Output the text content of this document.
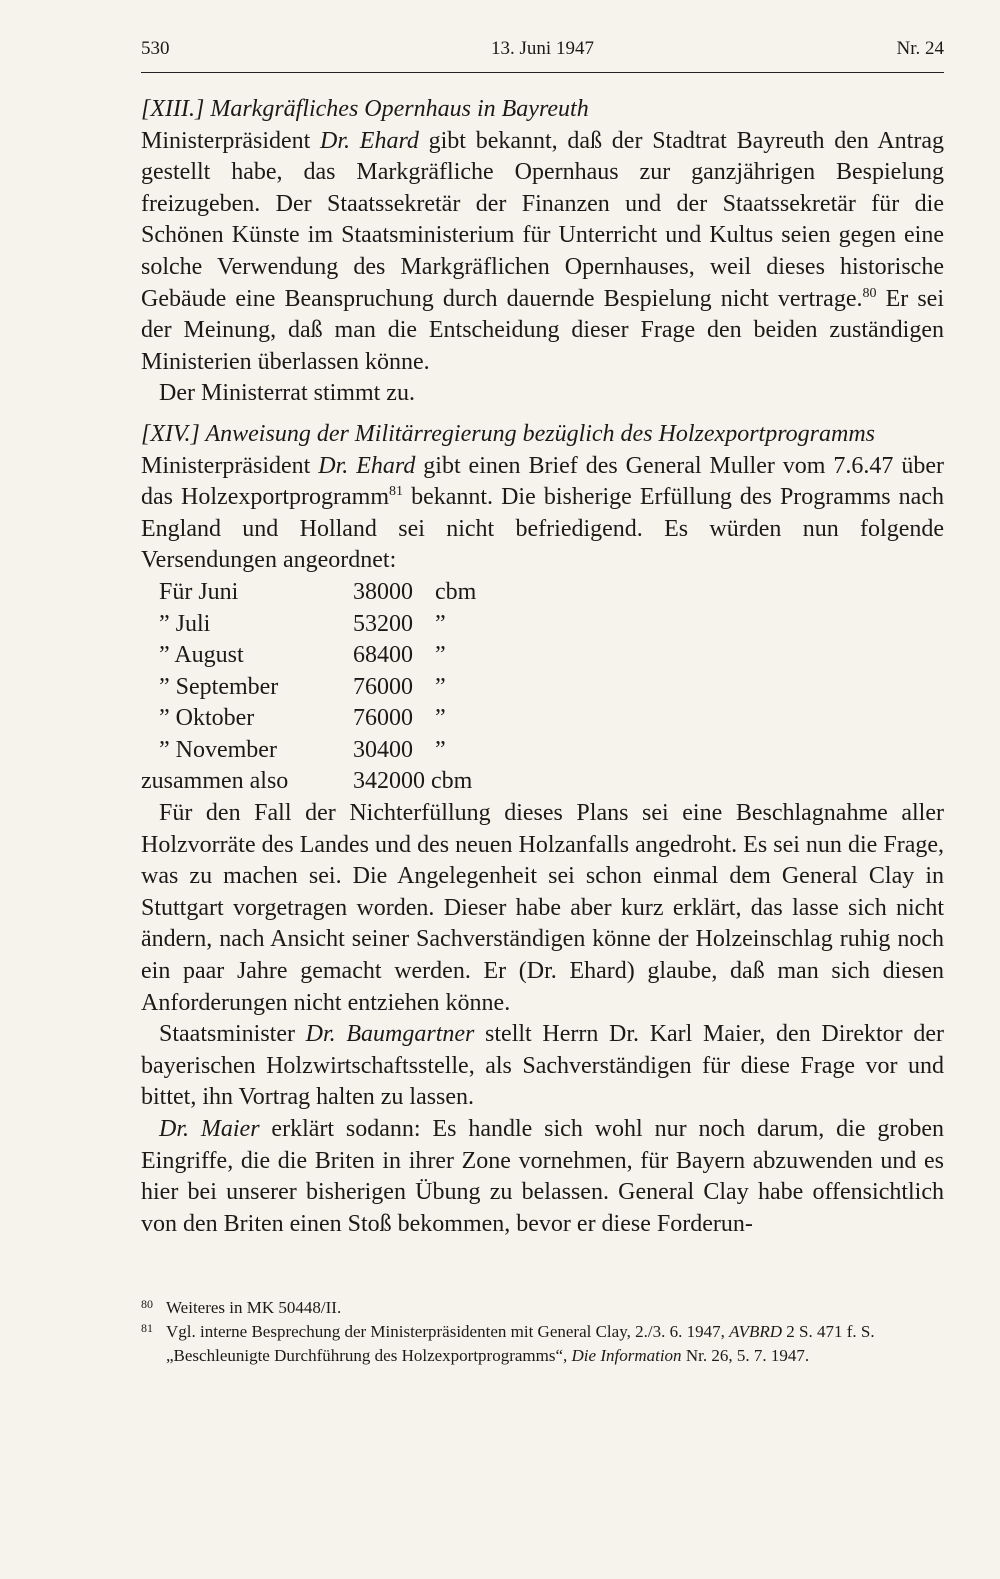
530	13. Juni 1947	Nr. 24

[XIII.] Markgräfliches Opernhaus in Bayreuth

Ministerpräsident Dr. Ehard gibt bekannt, daß der Stadtrat Bayreuth den Antrag gestellt habe, das Markgräfliche Opernhaus zur ganzjährigen Bespielung freizugeben. Der Staatssekretär der Finanzen und der Staatssekretär für die Schönen Künste im Staatsministerium für Unterricht und Kultus seien gegen eine solche Verwendung des Markgräflichen Opernhauses, weil dieses historische Gebäude eine Beanspruchung durch dauernde Bespielung nicht vertrage.$^{80}$ Er sei der Meinung, daß man die Entscheidung dieser Frage den beiden zuständigen Ministerien überlassen könne.

Der Ministerrat stimmt zu.

[XIV.] Anweisung der Militärregierung bezüglich des Holzexportprogramms

Ministerpräsident Dr. Ehard gibt einen Brief des General Muller vom 7.6.47 über das Holzexportprogramm$^{81}$ bekannt. Die bisherige Erfüllung des Programms nach England und Holland sei nicht befriedigend. Es würden nun folgende Versendungen angeordnet:

Für Juni	38000 cbm
” Juli	53200 ”
” August	68400 ”
” September	76000 ”
” Oktober	76000 ”
” November	30400 ”
zusammen also	342000 cbm

Für den Fall der Nichterfüllung dieses Plans sei eine Beschlagnahme aller Holzvorräte des Landes und des neuen Holzanfalls angedroht. Es sei nun die Frage, was zu machen sei. Die Angelegenheit sei schon einmal dem General Clay in Stuttgart vorgetragen worden. Dieser habe aber kurz erklärt, das lasse sich nicht ändern, nach Ansicht seiner Sachverständigen könne der Holzeinschlag ruhig noch ein paar Jahre gemacht werden. Er (Dr. Ehard) glaube, daß man sich diesen Anforderungen nicht entziehen könne.

Staatsminister Dr. Baumgartner stellt Herrn Dr. Karl Maier, den Direktor der bayerischen Holzwirtschaftsstelle, als Sachverständigen für diese Frage vor und bittet, ihn Vortrag halten zu lassen.

Dr. Maier erklärt sodann: Es handle sich wohl nur noch darum, die groben Eingriffe, die die Briten in ihrer Zone vornehmen, für Bayern abzuwenden und es hier bei unserer bisherigen Übung zu belassen. General Clay habe offensichtlich von den Briten einen Stoß bekommen, bevor er diese Forderun-

80 Weiteres in MK 50448/II.
81 Vgl. interne Besprechung der Ministerpräsidenten mit General Clay, 2./3. 6. 1947, AVBRD 2 S. 471 f. S. „Beschleunigte Durchführung des Holzexportprogramms“, Die Information Nr. 26, 5. 7. 1947.
